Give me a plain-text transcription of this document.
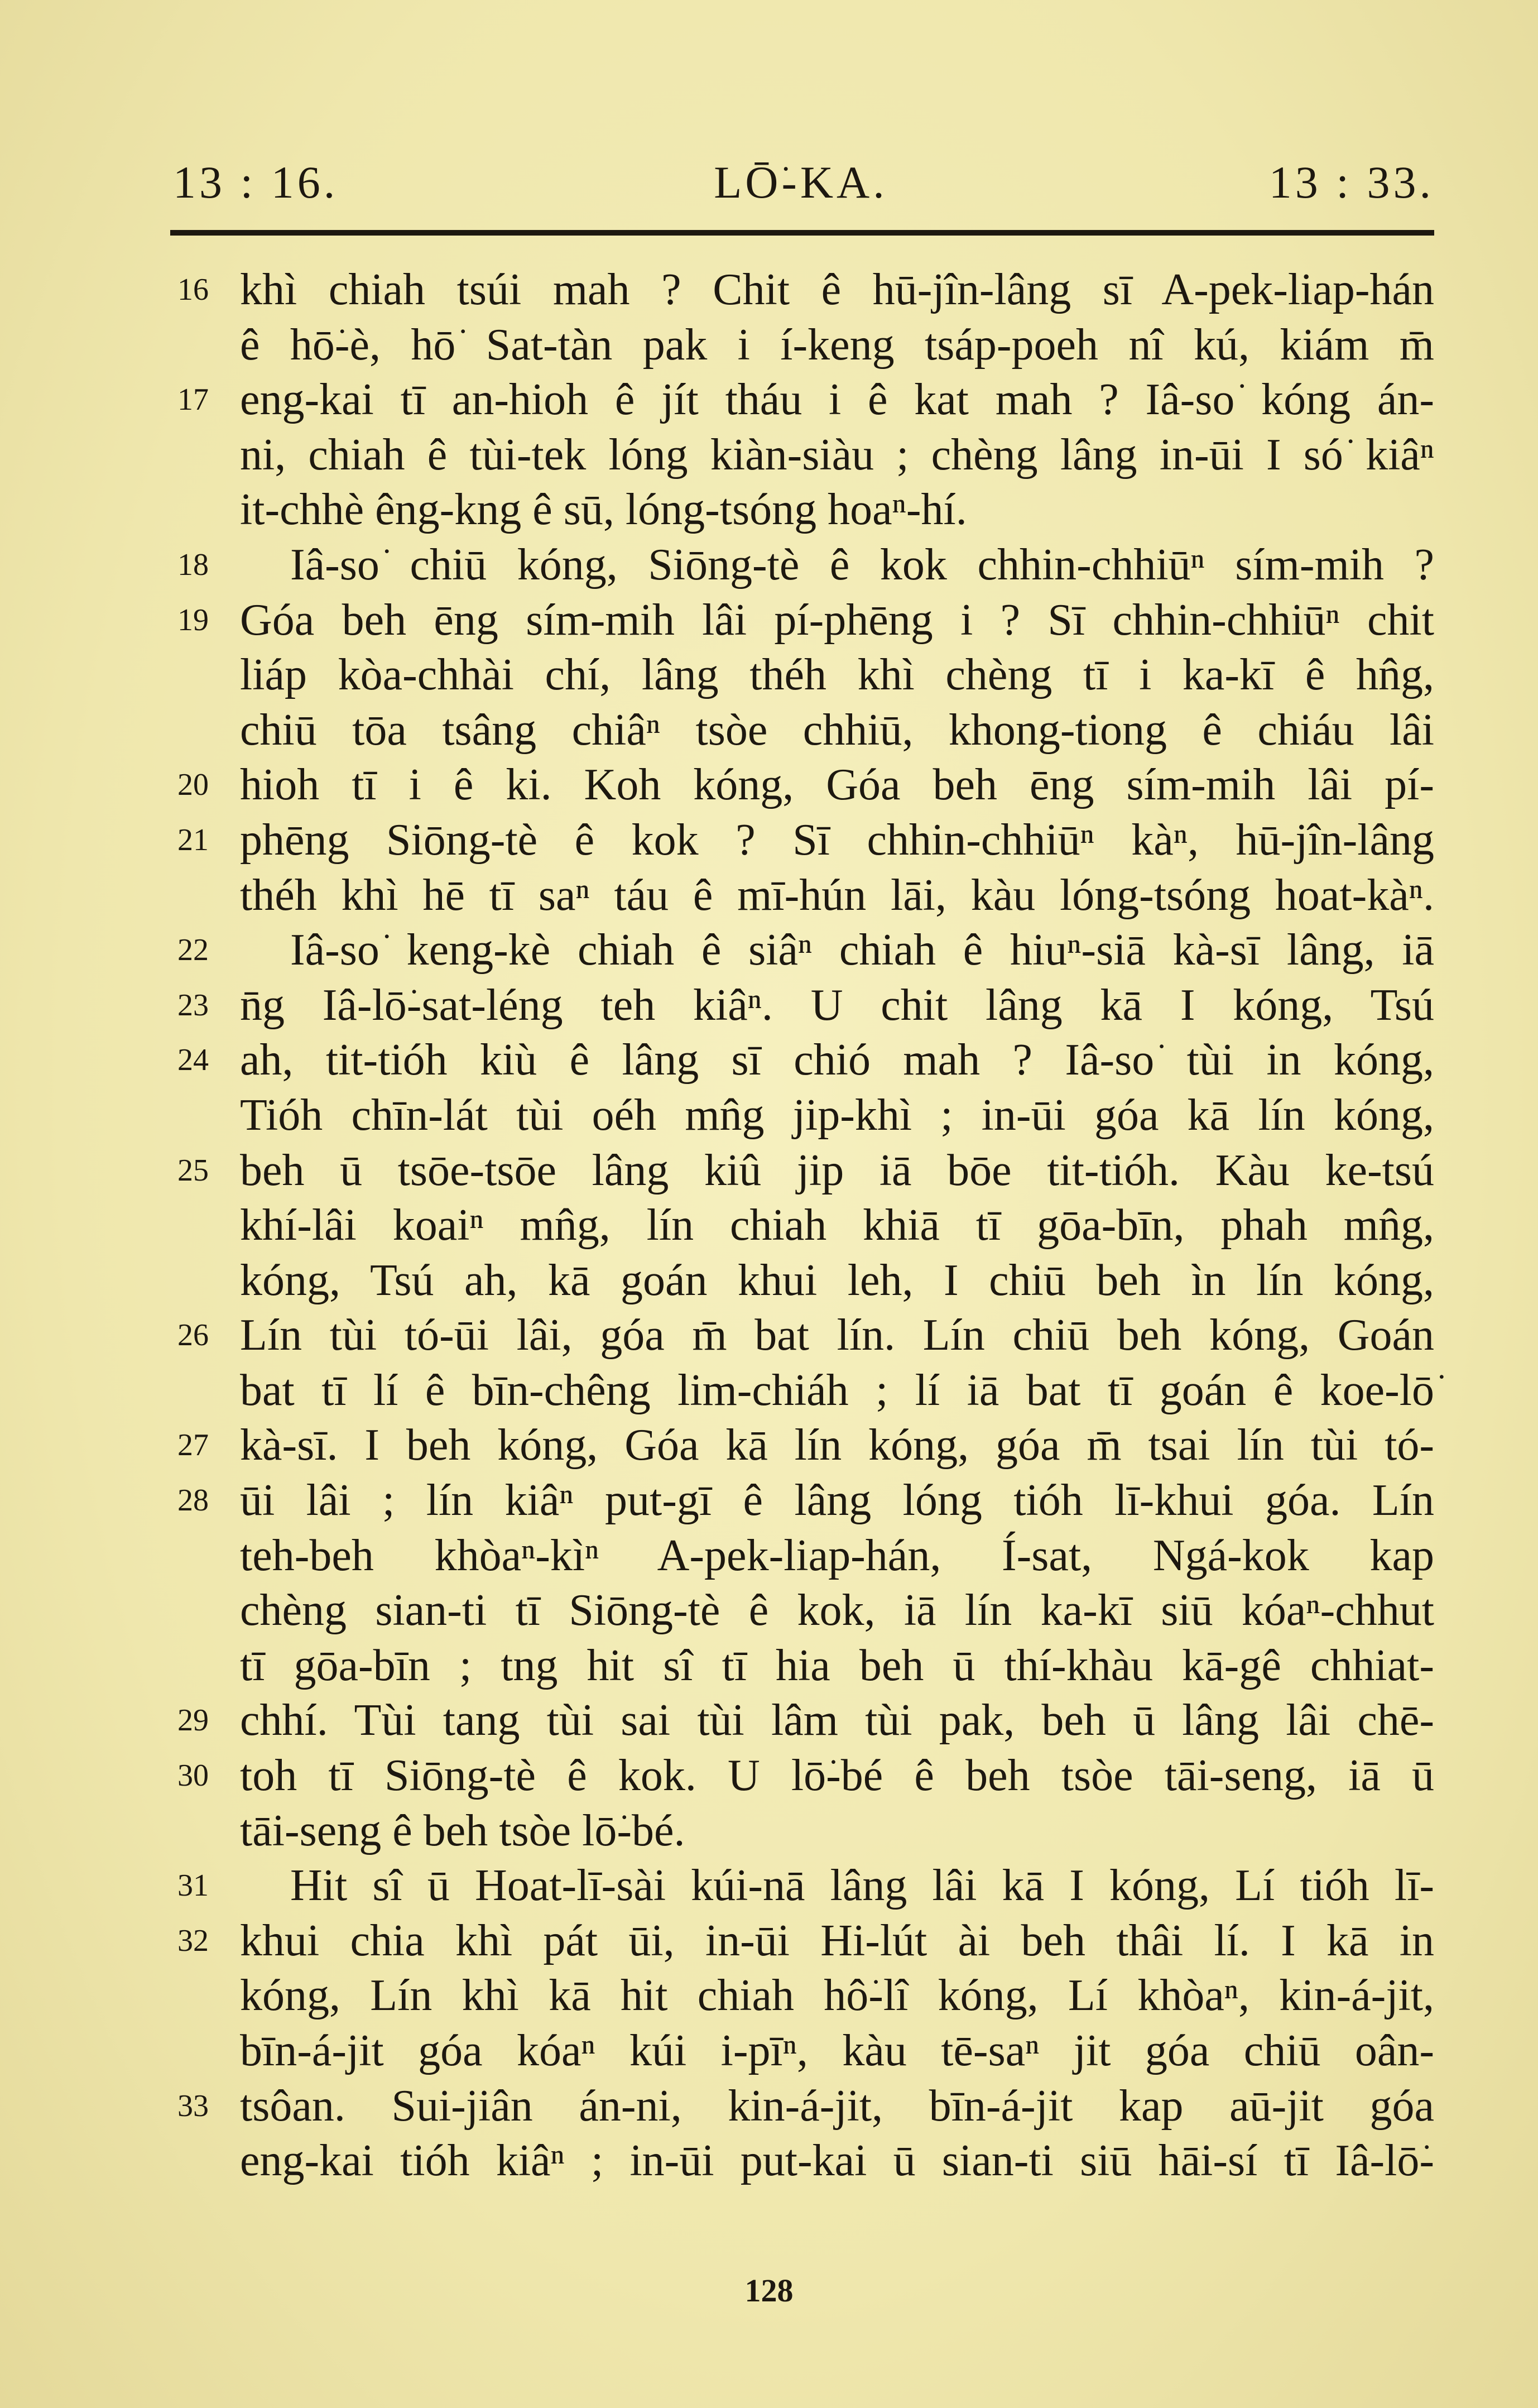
13 : 16.	LŌ͘-KA.	13 : 33.
16 khì chiah tsúi mah ? Chit ê hū-jîn-lâng sī A-pek-liap-hán
ê hō͘-è, hō͘ Sat-tàn pak i í-keng tsáp-poeh nî kú, kiám m̄
17 eng-kai tī an-hioh ê jít tháu i ê kat mah ? Iâ-so͘ kóng án-
ni, chiah ê tùi-tek lóng kiàn-siàu ; chèng lâng in-ūi I só͘ kiâⁿ
it-chhè êng-kng ê sū, lóng-tsóng hoaⁿ-hí.
18	Iâ-so͘ chiū kóng, Siōng-tè ê kok chhin-chhiūⁿ sím-mih ?
19 Góa beh ēng sím-mih lâi pí-phēng i ? Sī chhin-chhiūⁿ chit
liáp kòa-chhài chí, lâng théh khì chèng tī i ka-kī ê hn̂g,
chiū tōa tsâng chiâⁿ tsòe chhiū, khong-tiong ê chiáu lâi
20 hioh tī i ê ki. Koh kóng, Góa beh ēng sím-mih lâi pí-
21 phēng Siōng-tè ê kok ? Sī chhin-chhiūⁿ kàⁿ, hū-jîn-lâng
théh khì hē tī saⁿ táu ê mī-hún lāi, kàu lóng-tsóng hoat-kàⁿ.
22	Iâ-so͘ keng-kè chiah ê siâⁿ chiah ê hiuⁿ-siā kà-sī lâng, iā
23 n̄g Iâ-lō͘-sat-léng teh kiâⁿ. U chit lâng kā I kóng, Tsú
24 ah, tit-tióh kiù ê lâng sī chió mah ? Iâ-so͘ tùi in kóng,
Tióh chīn-lát tùi oéh mn̂g jip-khì ; in-ūi góa kā lín kóng,
25 beh ū tsōe-tsōe lâng kiû jip iā bōe tit-tióh. Kàu ke-tsú
khí-lâi koaiⁿ mn̂g, lín chiah khiā tī gōa-bīn, phah mn̂g,
kóng, Tsú ah, kā goán khui leh, I chiū beh ìn lín kóng,
26 Lín tùi tó-ūi lâi, góa m̄ bat lín. Lín chiū beh kóng, Goán
bat tī lí ê bīn-chêng lim-chiáh ; lí iā bat tī goán ê koe-lō͘
27 kà-sī. I beh kóng, Góa kā lín kóng, góa m̄ tsai lín tùi tó-
28 ūi lâi ; lín kiâⁿ put-gī ê lâng lóng tióh lī-khui góa. Lín
teh-beh khòaⁿ-kìⁿ A-pek-liap-hán, Í-sat, Ngá-kok kap
chèng sian-ti tī Siōng-tè ê kok, iā lín ka-kī siū kóaⁿ-chhut
tī gōa-bīn ; tng hit sî tī hia beh ū thí-khàu kā-gê chhiat-
29 chhí. Tùi tang tùi sai tùi lâm tùi pak, beh ū lâng lâi chē-
30 toh tī Siōng-tè ê kok. U lō͘-bé ê beh tsòe tāi-seng, iā ū
tāi-seng ê beh tsòe lō͘-bé.
31	Hit sî ū Hoat-lī-sài kúi-nā lâng lâi kā I kóng, Lí tióh lī-
32 khui chia khì pát ūi, in-ūi Hi-lút ài beh thâi lí. I kā in
kóng, Lín khì kā hit chiah hô͘-lî kóng, Lí khòaⁿ, kin-á-jit,
bīn-á-jit góa kóaⁿ kúi i-pīⁿ, kàu tē-saⁿ jit góa chiū oân-
33 tsôan. Sui-jiân án-ni, kin-á-jit, bīn-á-jit kap aū-jit góa
eng-kai tióh kiâⁿ ; in-ūi put-kai ū sian-ti siū hāi-sí tī Iâ-lō͘-
128
